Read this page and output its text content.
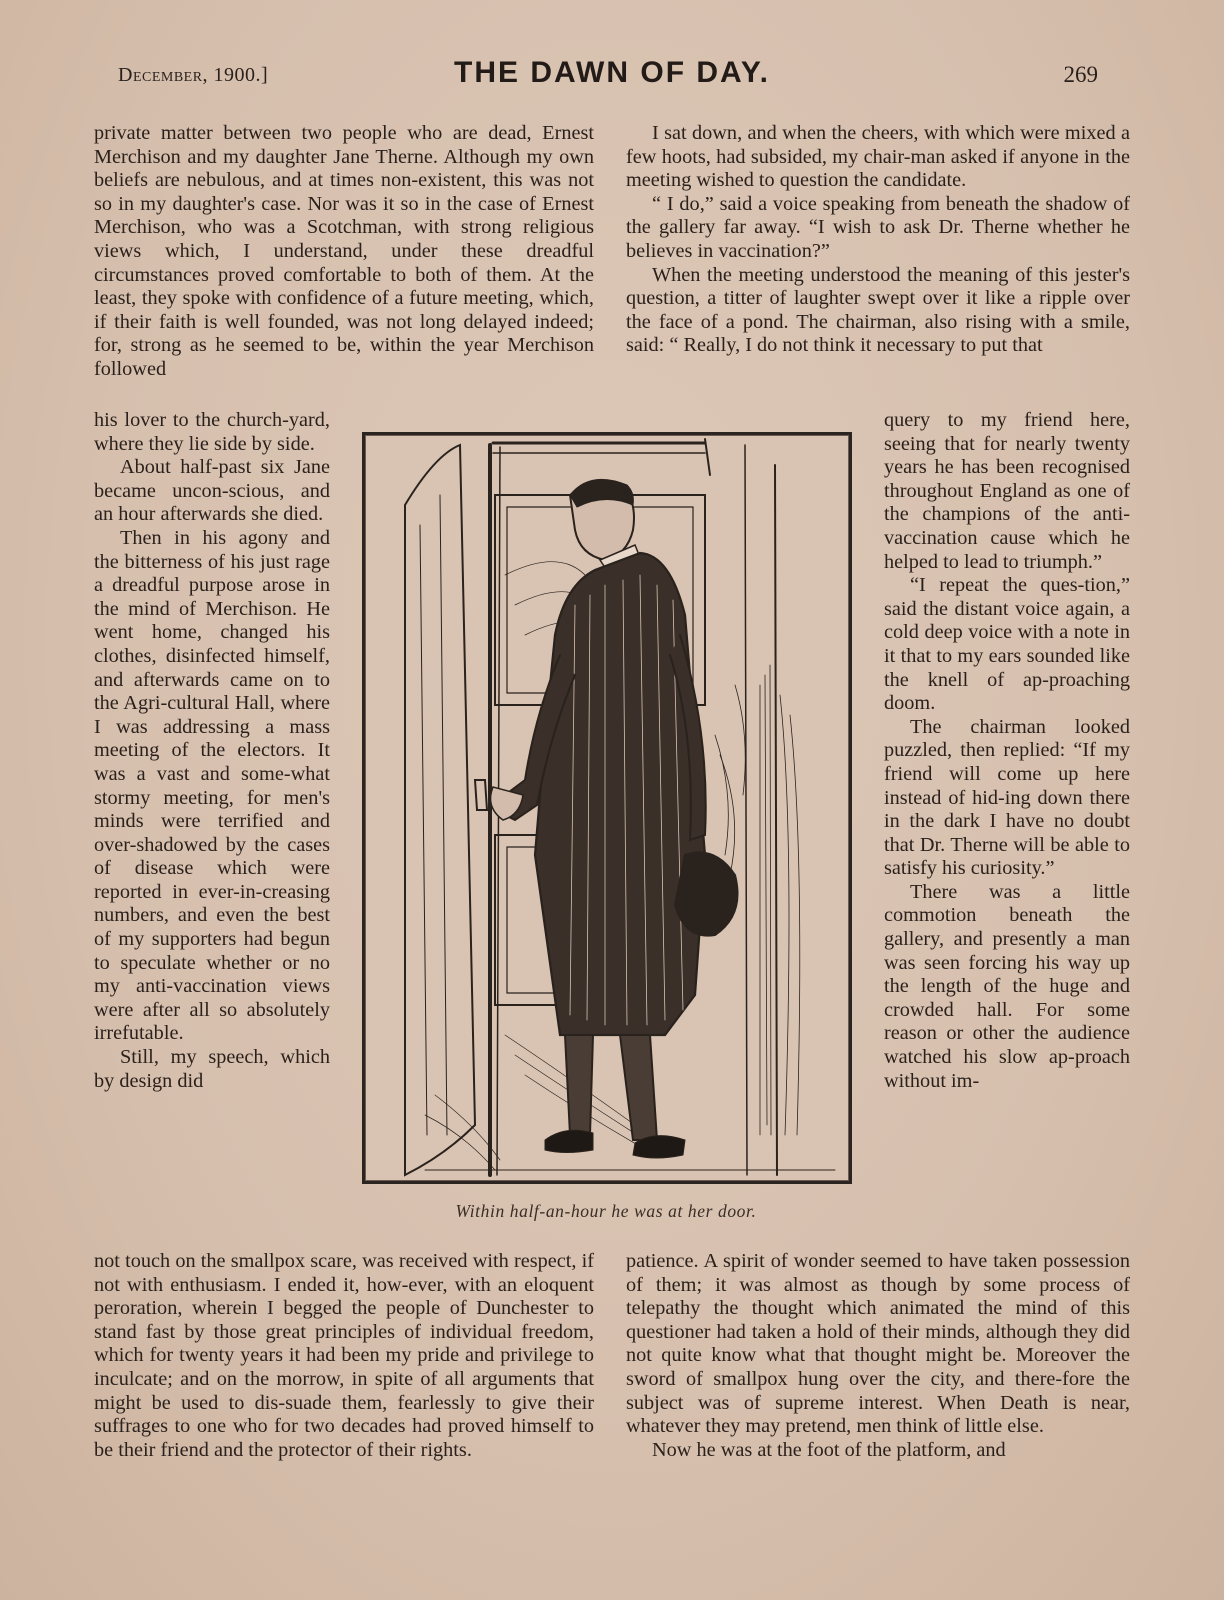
December, 1900.]	THE DAWN OF DAY.	269

private matter between two people who are dead, Ernest Merchison and my daughter Jane Therne. Although my own beliefs are nebulous, and at times non-existent, this was not so in my daughter's case. Nor was it so in the case of Ernest Merchison, who was a Scotchman, with strong religious views which, I understand, under these dreadful circumstances proved comfortable to both of them. At the least, they spoke with confidence of a future meeting, which, if their faith is well founded, was not long delayed indeed; for, strong as he seemed to be, within the year Merchison followed

his lover to the church-yard, where they lie side by side.

About half-past six Jane became uncon-scious, and an hour afterwards she died.

Then in his agony and the bitterness of his just rage a dreadful purpose arose in the mind of Merchison. He went home, changed his clothes, disinfected himself, and afterwards came on to the Agri-cultural Hall, where I was addressing a mass meeting of the electors. It was a vast and some-what stormy meeting, for men's minds were terrified and over-shadowed by the cases of disease which were reported in ever-in-creasing numbers, and even the best of my supporters had begun to speculate whether or no my anti-vaccination views were after all so absolutely irrefutable.

Still, my speech, which by design did

not touch on the smallpox scare, was received with respect, if not with enthusiasm. I ended it, how-ever, with an eloquent peroration, wherein I begged the people of Dunchester to stand fast by those great principles of individual freedom, which for twenty years it had been my pride and privilege to inculcate; and on the morrow, in spite of all arguments that might be used to dis-suade them, fearlessly to give their suffrages to one who for two decades had proved himself to be their friend and the protector of their rights.

I sat down, and when the cheers, with which were mixed a few hoots, had subsided, my chair-man asked if anyone in the meeting wished to question the candidate.

“ I do,” said a voice speaking from beneath the shadow of the gallery far away. “I wish to ask Dr. Therne whether he believes in vaccination?”

When the meeting understood the meaning of this jester's question, a titter of laughter swept over it like a ripple over the face of a pond. The chairman, also rising with a smile, said: “ Really, I do not think it necessary to put that

query to my friend here, seeing that for nearly twenty years he has been recognised throughout England as one of the champions of the anti-vaccination cause which he helped to lead to triumph.”

“I repeat the ques-tion,” said the distant voice again, a cold deep voice with a note in it that to my ears sounded like the knell of ap-proaching doom.

The chairman looked puzzled, then replied: “If my friend will come up here instead of hid-ing down there in the dark I have no doubt that Dr. Therne will be able to satisfy his curiosity.”

There was a little commotion beneath the gallery, and presently a man was seen forcing his way up the length of the huge and crowded hall. For some reason or other the audience watched his slow ap-proach without im-

patience. A spirit of wonder seemed to have taken possession of them; it was almost as though by some process of telepathy the thought which animated the mind of this questioner had taken a hold of their minds, although they did not quite know what that thought might be. Moreover the sword of smallpox hung over the city, and there-fore the subject was of supreme interest. When Death is near, whatever they may pretend, men think of little else.

Now he was at the foot of the platform, and

Within half-an-hour he was at her door.
